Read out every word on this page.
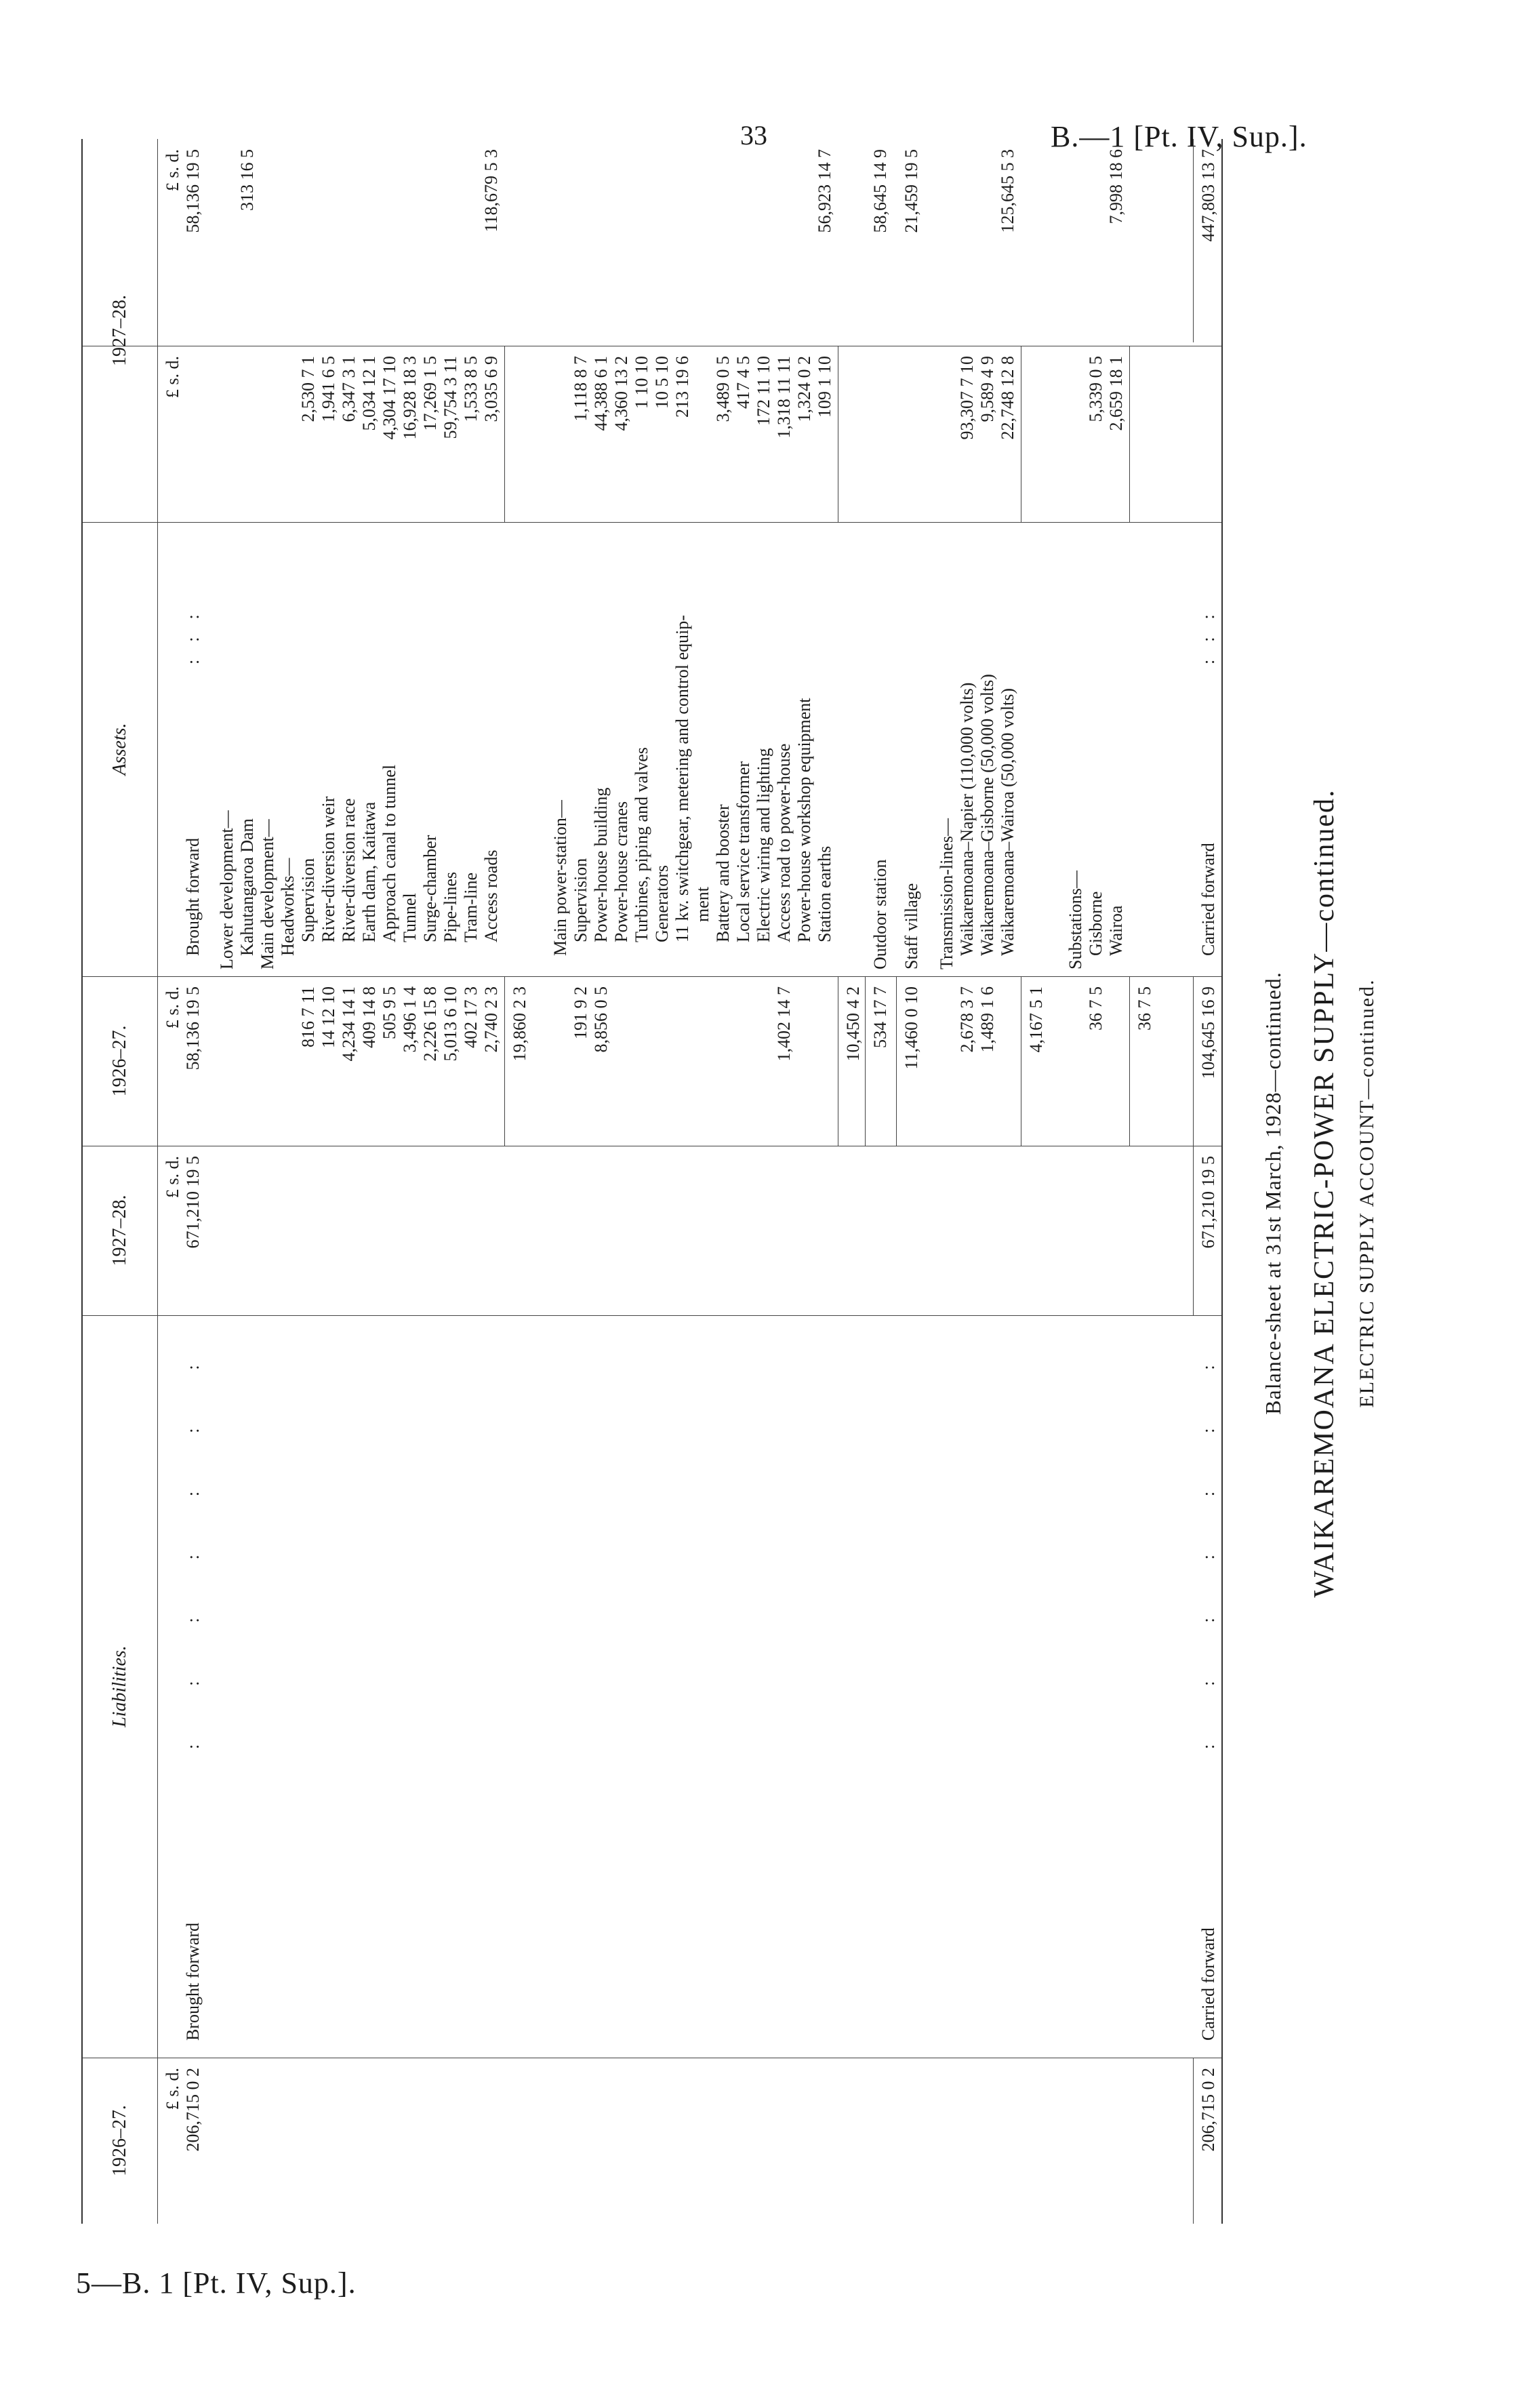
33	B.—1 [Pt. IV, Sup.].
5—B. 1 [Pt. IV, Sup.].
ELECTRIC SUPPLY ACCOUNT—continued.
WAIKAREMOANA ELECTRIC-POWER SUPPLY—continued.
Balance-sheet at 31st March, 1928—continued.
1926–27.
Liabilities.
1927–28.
1926–27.
Assets.
1927–28.
£ s. d.
£ s. d.
£ s. d.
£ s. d.
£ s. d.
206,715 0 2
Brought forward
:    :    :    :    :    :    :
671,210 19 5
206,715 0 2
Carried forward
:    :    :    :    :    :    :
671,210 19 5
58,136 19 5
Brought forward
:    :    :
58,136 19 5
Lower development— Kahutangaroa Dam
313 16 5
Main development— Headworks—
816 7 11
Supervision
2,530 7 1
14 12 10
River-diversion weir
1,941 6 5
4,234 14 1
River-diversion race
6,347 3 1
409 14 8
Earth dam, Kaitawa
5,034 12 1
505 9 5
Approach canal to tunnel
4,304 17 10
3,496 1 4
Tunnel
16,928 18 3
2,226 15 8
Surge-chamber
17,269 1 5
5,013 6 10
Pipe-lines
59,754 3 11
402 17 3
Tram-line
1,533 8 5
2,740 2 3
Access roads
3,035 6 9
19,860 2 3
118,679 5 3
Main power-station—
191 9 2
Supervision
1,118 8 7
8,856 0 5
Power-house building
44,388 6 1
Power-house cranes
4,360 13 2
Turbines, piping and valves
1 10 10
Generators
10 5 10
11 kv. switchgear, metering and control equip-
213 19 6
ment Battery and booster
3,489 0 5
Local service transformer
417 4 5
Electric wiring and lighting
172 11 10
1,402 14 7
Access road to power-house
1,318 11 11
Power-house workshop equipment
1,324 0 2
Station earths
109 1 10
10,450 4 2
56,923 14 7
534 17 7
Outdoor station
58,645 14 9
11,460 0 10
Staff village
21,459 19 5
Transmission-lines—
2,678 3 7
Waikaremoana–Napier (110,000 volts)
93,307 7 10
1,489 1 6
Waikaremoana–Gisborne (50,000 volts)
9,589 4 9
Waikaremoana–Wairoa (50,000 volts)
22,748 12 8
4,167 5 1
125,645 5 3
Substations—
36 7 5
Gisborne
5,339 0 5
Wairoa
2,659 18 1
36 7 5
7,998 18 6
104,645 16 9
Carried forward
:    :    :
447,803 13 7
